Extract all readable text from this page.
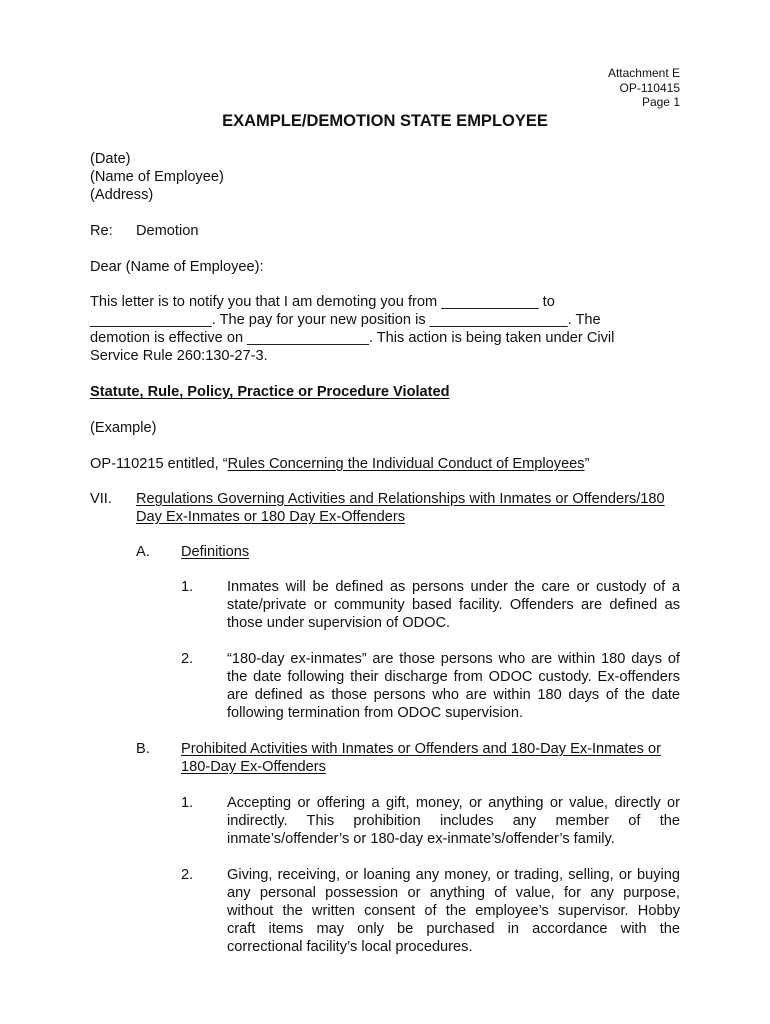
Attachment E
OP-110415
Page 1
EXAMPLE/DEMOTION STATE EMPLOYEE
(Date)
(Name of Employee)
(Address)
Re: Demotion
Dear (Name of Employee):
This letter is to notify you that I am demoting you from ____________ to
_______________. The pay for your new position is _________________. The
demotion is effective on _______________. This action is being taken under Civil
Service Rule 260:130-27-3.
Statute, Rule, Policy, Practice or Procedure Violated
(Example)
OP-110215 entitled, “Rules Concerning the Individual Conduct of Employees”
VII. Regulations Governing Activities and Relationships with Inmates or Offenders/180
Day Ex-Inmates or 180 Day Ex-Offenders
A. Definitions
1. Inmates will be defined as persons under the care or custody of a
state/private or community based facility. Offenders are defined as
those under supervision of ODOC.
2. “180-day ex-inmates” are those persons who are within 180 days of
the date following their discharge from ODOC custody. Ex-offenders
are defined as those persons who are within 180 days of the date
following termination from ODOC supervision.
B. Prohibited Activities with Inmates or Offenders and 180-Day Ex-Inmates or
180-Day Ex-Offenders
1. Accepting or offering a gift, money, or anything or value, directly or
indirectly. This prohibition includes any member of the
inmate’s/offender’s or 180-day ex-inmate’s/offender’s family.
2. Giving, receiving, or loaning any money, or trading, selling, or buying
any personal possession or anything of value, for any purpose,
without the written consent of the employee’s supervisor. Hobby
craft items may only be purchased in accordance with the
correctional facility’s local procedures.
